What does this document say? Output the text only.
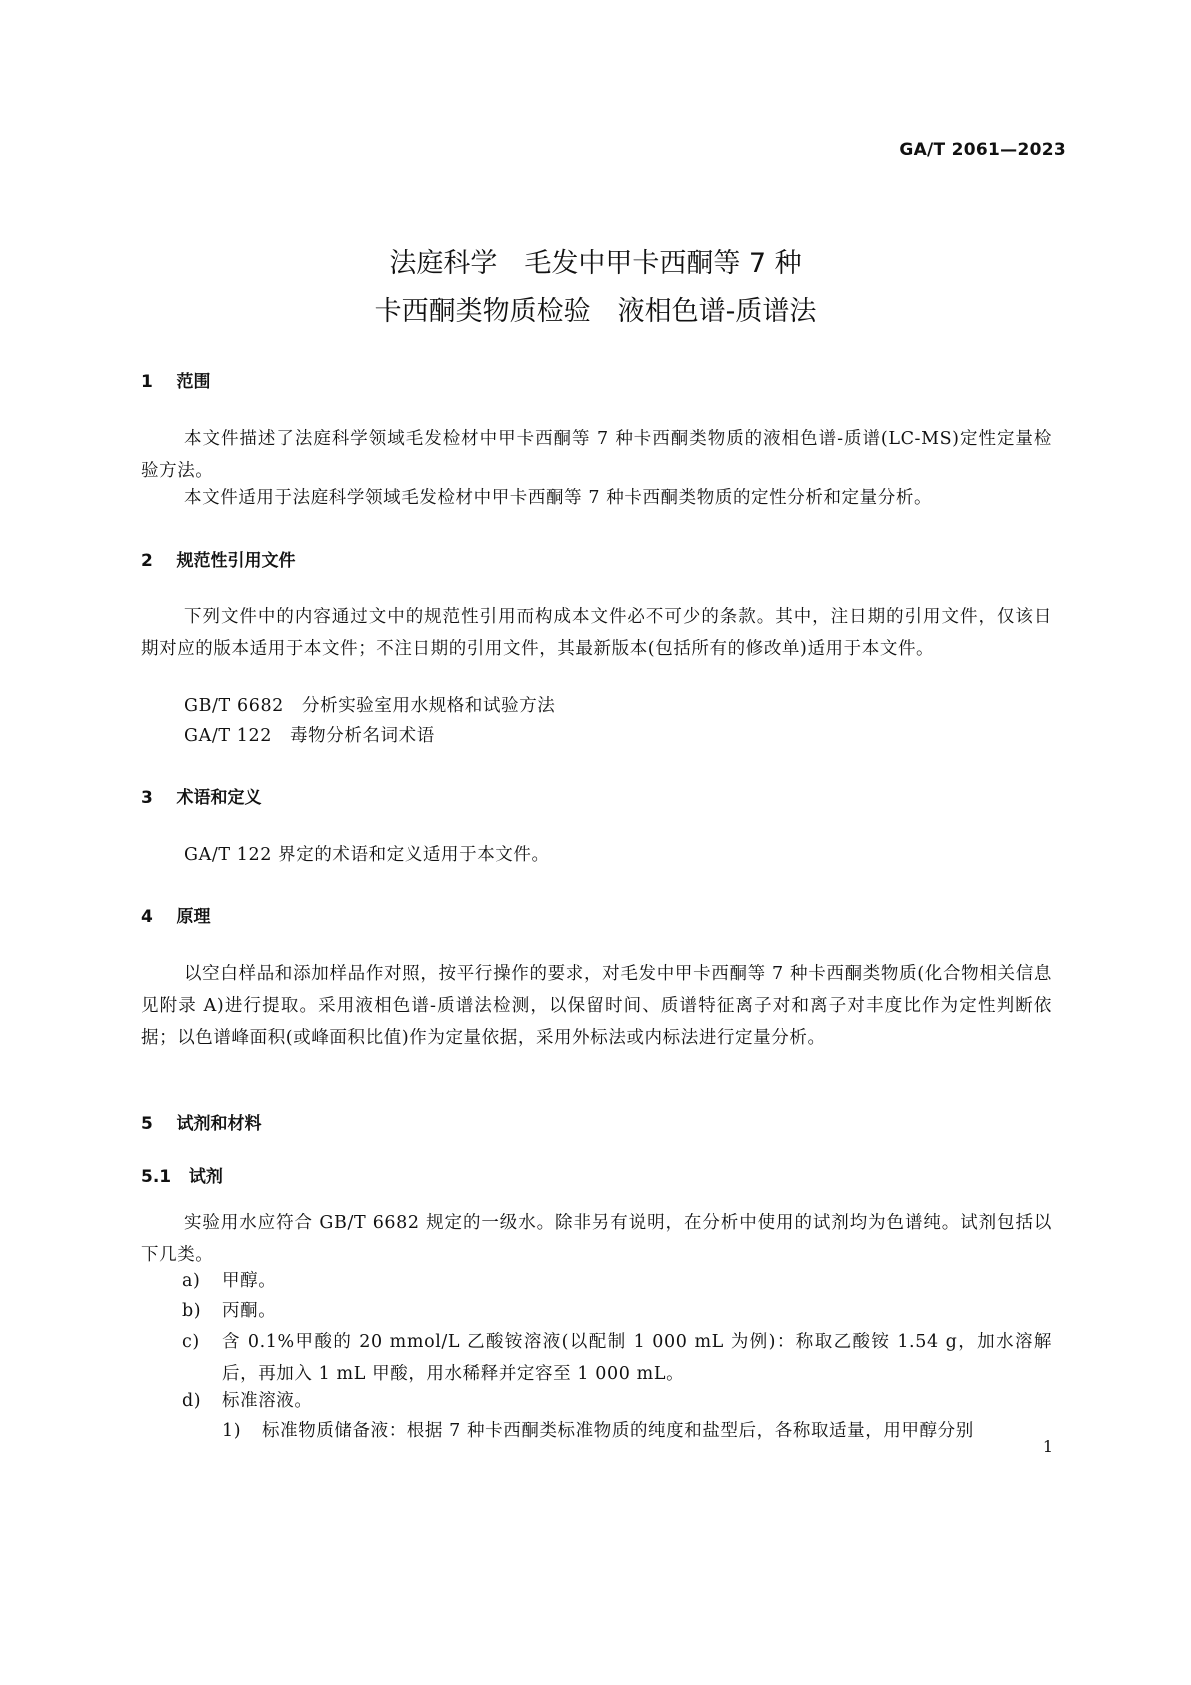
GA/T 2061—2023
法庭科学　毛发中甲卡西酮等 7 种
卡西酮类物质检验　液相色谱-质谱法
1 范围
本文件描述了法庭科学领域毛发检材中甲卡西酮等 7 种卡西酮类物质的液相色谱-质谱(LC-MS)定性定量检验方法。
本文件适用于法庭科学领域毛发检材中甲卡西酮等 7 种卡西酮类物质的定性分析和定量分析。
2 规范性引用文件
下列文件中的内容通过文中的规范性引用而构成本文件必不可少的条款。其中，注日期的引用文件，仅该日期对应的版本适用于本文件；不注日期的引用文件，其最新版本(包括所有的修改单)适用于本文件。
GB/T 6682　分析实验室用水规格和试验方法
GA/T 122　毒物分析名词术语
3 术语和定义
GA/T 122 界定的术语和定义适用于本文件。
4 原理
以空白样品和添加样品作对照，按平行操作的要求，对毛发中甲卡西酮等 7 种卡西酮类物质(化合物相关信息见附录 A)进行提取。采用液相色谱-质谱法检测，以保留时间、质谱特征离子对和离子对丰度比作为定性判断依据；以色谱峰面积(或峰面积比值)作为定量依据，采用外标法或内标法进行定量分析。
5 试剂和材料
5.1 试剂
实验用水应符合 GB/T 6682 规定的一级水。除非另有说明，在分析中使用的试剂均为色谱纯。试剂包括以下几类。
a) 甲醇。
b) 丙酮。
c) 含 0.1%甲酸的 20 mmol/L 乙酸铵溶液(以配制 1 000 mL 为例)：称取乙酸铵 1.54 g，加水溶解后，再加入 1 mL 甲酸，用水稀释并定容至 1 000 mL。
d) 标准溶液。
1) 标准物质储备液：根据 7 种卡西酮类标准物质的纯度和盐型后，各称取适量，用甲醇分别
1
